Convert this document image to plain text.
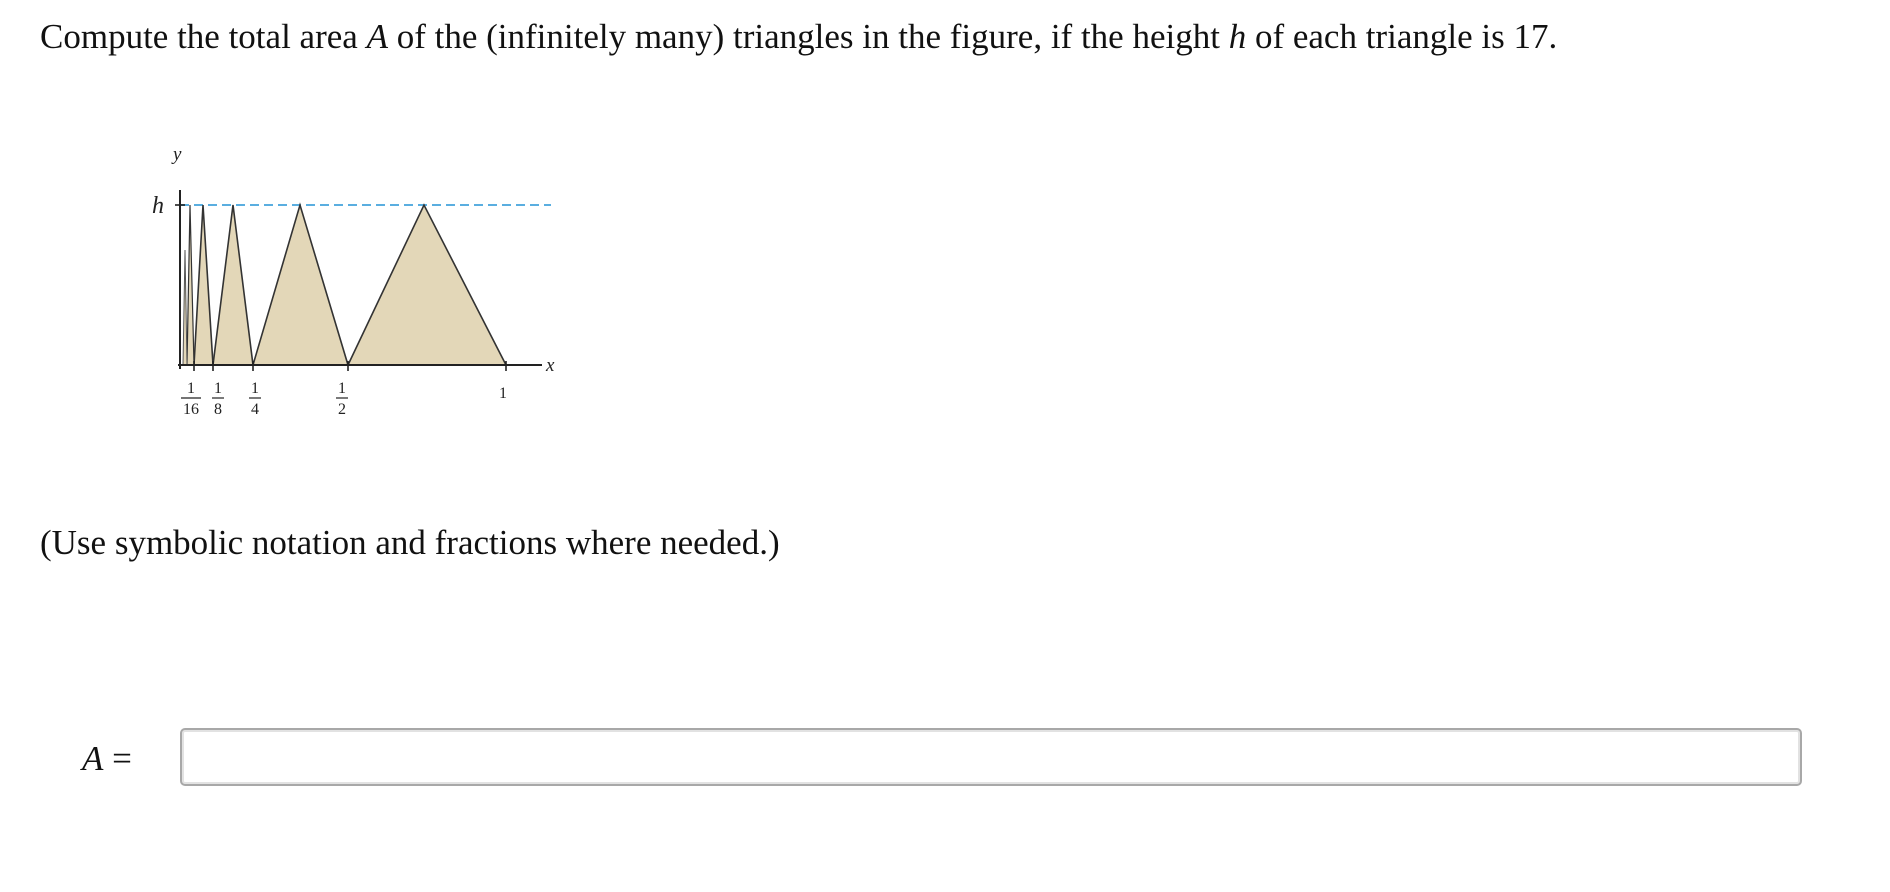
Compute the total area A of the (infinitely many) triangles in the figure, if the height h of each triangle is 17.
y
x
h
1
16
1
8
1
4
1
2
1
(Use symbolic notation and fractions where needed.)
A =
